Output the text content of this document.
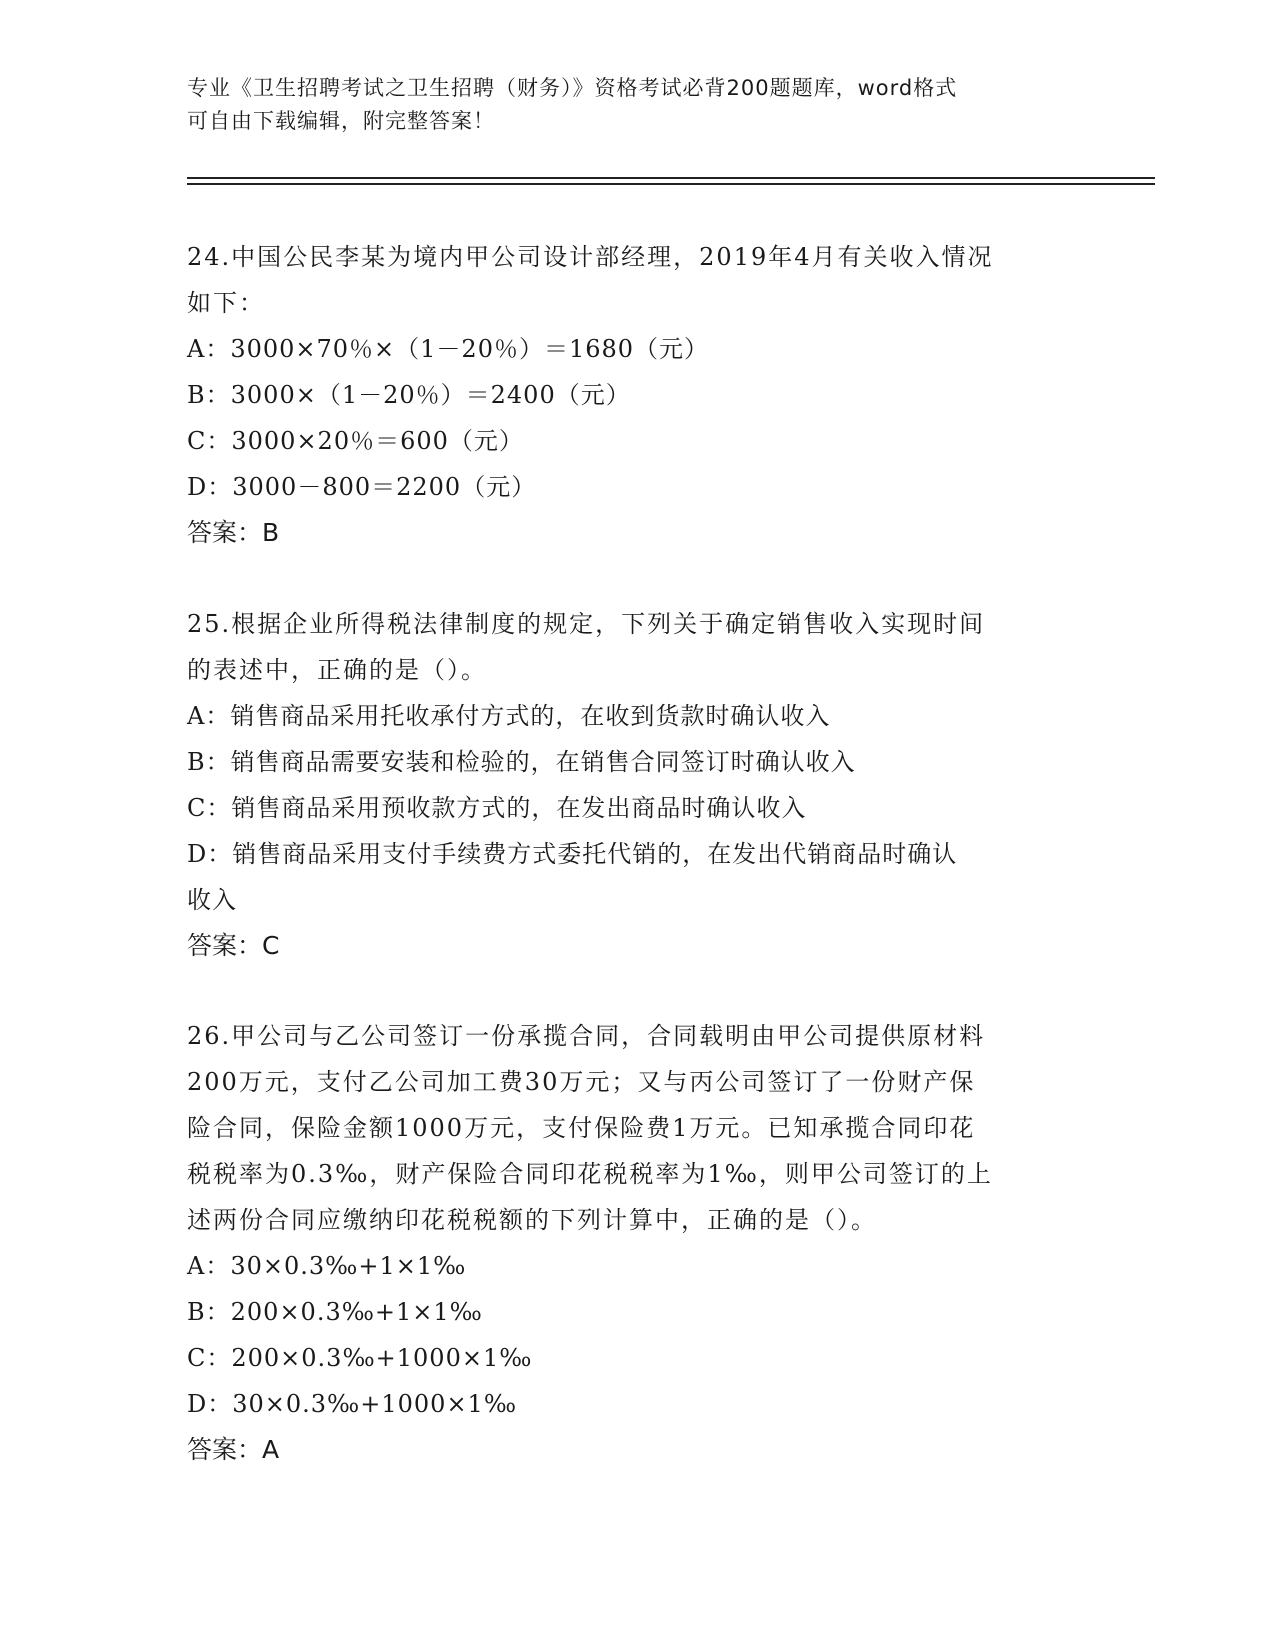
专业《卫生招聘考试之卫生招聘（财务）》资格考试必背200题题库，word格式
可自由下载编辑，附完整答案！

24.中国公民李某为境内甲公司设计部经理，2019年4月有关收入情况

如下：

A：3000×70％×（1－20％）＝1680（元）

B：3000×（1－20％）＝2400（元）

C：3000×20％＝600（元）

D：3000－800＝2200（元）

答案：B

25.根据企业所得税法律制度的规定，下列关于确定销售收入实现时间

的表述中，正确的是（）。

A：销售商品采用托收承付方式的，在收到货款时确认收入

B：销售商品需要安装和检验的，在销售合同签订时确认收入

C：销售商品采用预收款方式的，在发出商品时确认收入

D：销售商品采用支付手续费方式委托代销的，在发出代销商品时确认

收入

答案：C

26.甲公司与乙公司签订一份承揽合同，合同载明由甲公司提供原材料

200万元，支付乙公司加工费30万元；又与丙公司签订了一份财产保

险合同，保险金额1000万元，支付保险费1万元。已知承揽合同印花

税税率为0.3‰，财产保险合同印花税税率为1‰，则甲公司签订的上

述两份合同应缴纳印花税税额的下列计算中，正确的是（）。

A：30×0.3‰+1×1‰

B：200×0.3‰+1×1‰

C：200×0.3‰+1000×1‰

D：30×0.3‰+1000×1‰

答案：A
